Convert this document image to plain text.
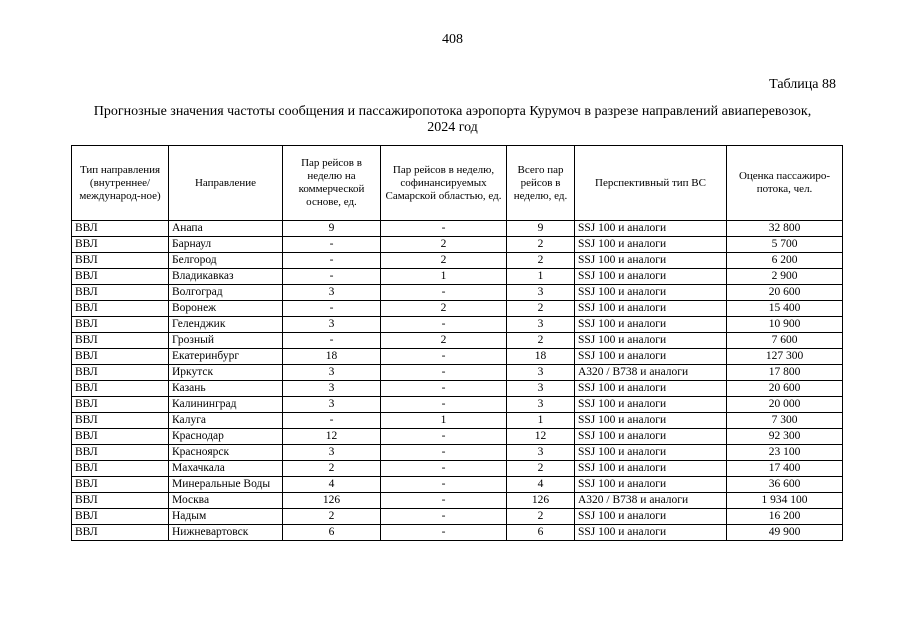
408
Таблица 88
Прогнозные значения частоты сообщения и пассажиропотока аэропорта Курумоч в разрезе направлений авиаперевозок, 2024 год
Тип направления (внутреннее/ международ-ное)	Направление	Пар рейсов в неделю на коммерческой основе, ед.	Пар рейсов в неделю, софинансируемых Самарской областью, ед.	Всего пар рейсов в неделю, ед.	Перспективный тип ВС	Оценка пассажиро-потока, чел.
ВВЛ	Анапа	9	-	9	SSJ 100 и аналоги	32 800
ВВЛ	Барнаул	-	2	2	SSJ 100 и аналоги	5 700
ВВЛ	Белгород	-	2	2	SSJ 100 и аналоги	6 200
ВВЛ	Владикавказ	-	1	1	SSJ 100 и аналоги	2 900
ВВЛ	Волгоград	3	-	3	SSJ 100 и аналоги	20 600
ВВЛ	Воронеж	-	2	2	SSJ 100 и аналоги	15 400
ВВЛ	Геленджик	3	-	3	SSJ 100 и аналоги	10 900
ВВЛ	Грозный	-	2	2	SSJ 100 и аналоги	7 600
ВВЛ	Екатеринбург	18	-	18	SSJ 100 и аналоги	127 300
ВВЛ	Иркутск	3	-	3	A320 / B738 и аналоги	17 800
ВВЛ	Казань	3	-	3	SSJ 100 и аналоги	20 600
ВВЛ	Калининград	3	-	3	SSJ 100 и аналоги	20 000
ВВЛ	Калуга	-	1	1	SSJ 100 и аналоги	7 300
ВВЛ	Краснодар	12	-	12	SSJ 100 и аналоги	92 300
ВВЛ	Красноярск	3	-	3	SSJ 100 и аналоги	23 100
ВВЛ	Махачкала	2	-	2	SSJ 100 и аналоги	17 400
ВВЛ	Минеральные Воды	4	-	4	SSJ 100 и аналоги	36 600
ВВЛ	Москва	126	-	126	A320 / B738 и аналоги	1 934 100
ВВЛ	Надым	2	-	2	SSJ 100 и аналоги	16 200
ВВЛ	Нижневартовск	6	-	6	SSJ 100 и аналоги	49 900
